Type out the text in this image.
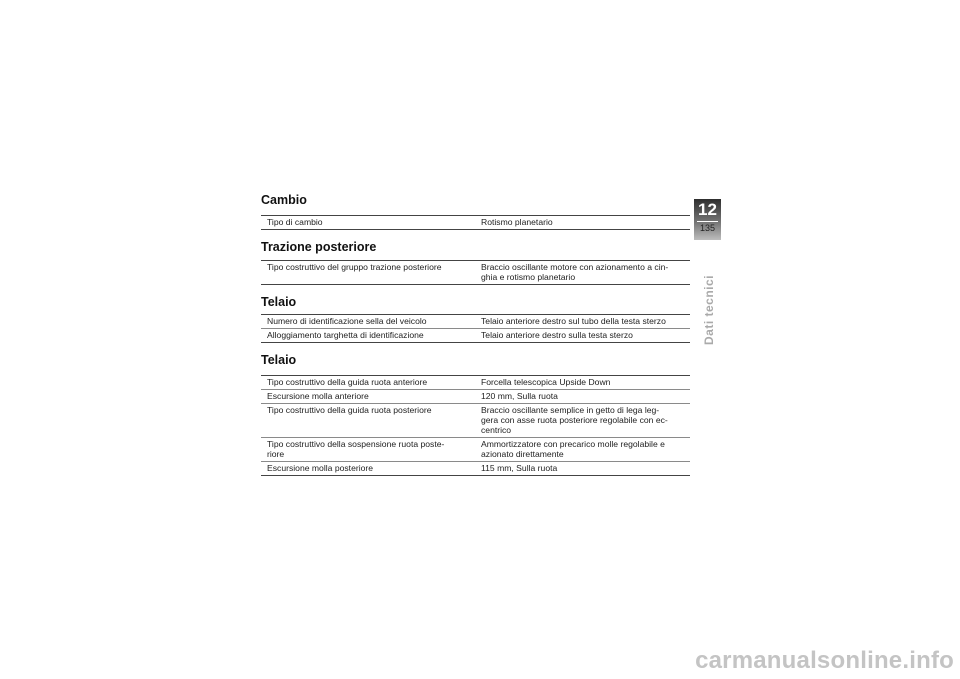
Cambio
Tipo di cambio	Rotismo planetario
Trazione posteriore
Tipo costruttivo del gruppo trazione posteriore	Braccio oscillante motore con azionamento a cin-
ghia e rotismo planetario
Telaio
Numero di identificazione sella del veicolo	Telaio anteriore destro sul tubo della testa sterzo
Alloggiamento targhetta di identificazione	Telaio anteriore destro sulla testa sterzo
Telaio
Tipo costruttivo della guida ruota anteriore	Forcella telescopica Upside Down
Escursione molla anteriore	120 mm, Sulla ruota
Tipo costruttivo della guida ruota posteriore	Braccio oscillante semplice in getto di lega leg-
gera con asse ruota posteriore regolabile con ec-
centrico
Tipo costruttivo della sospensione ruota poste-
riore	Ammortizzatore con precarico molle regolabile e
azionato direttamente
Escursione molla posteriore	115 mm, Sulla ruota
12
135
Dati tecnici
carmanualsonline.info
